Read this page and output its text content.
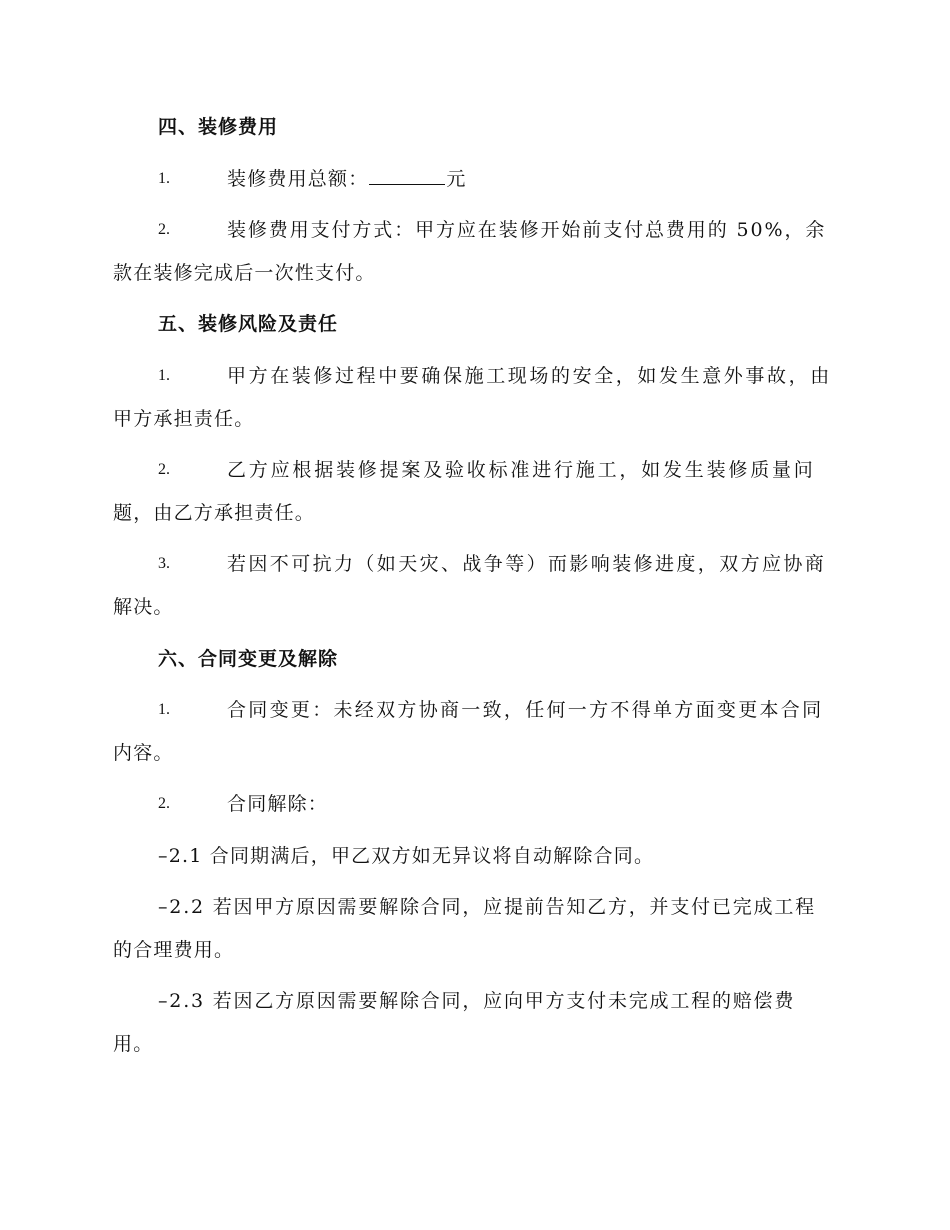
四、装修费用
1.	装修费用总额：	元
2.	装修费用支付方式：甲方应在装修开始前支付总费用的 50%，余
款在装修完成后一次性支付。
五、装修风险及责任
1.	甲方在装修过程中要确保施工现场的安全，如发生意外事故，由
甲方承担责任。
2.	乙方应根据装修提案及验收标准进行施工，如发生装修质量问
题，由乙方承担责任。
3.	若因不可抗力（如天灾、战争等）而影响装修进度，双方应协商
解决。
六、合同变更及解除
1.	合同变更：未经双方协商一致，任何一方不得单方面变更本合同
内容。
2.	合同解除：
–2.1 合同期满后，甲乙双方如无异议将自动解除合同。
–2.2 若因甲方原因需要解除合同，应提前告知乙方，并支付已完成工程
的合理费用。
–2.3 若因乙方原因需要解除合同，应向甲方支付未完成工程的赔偿费
用。
